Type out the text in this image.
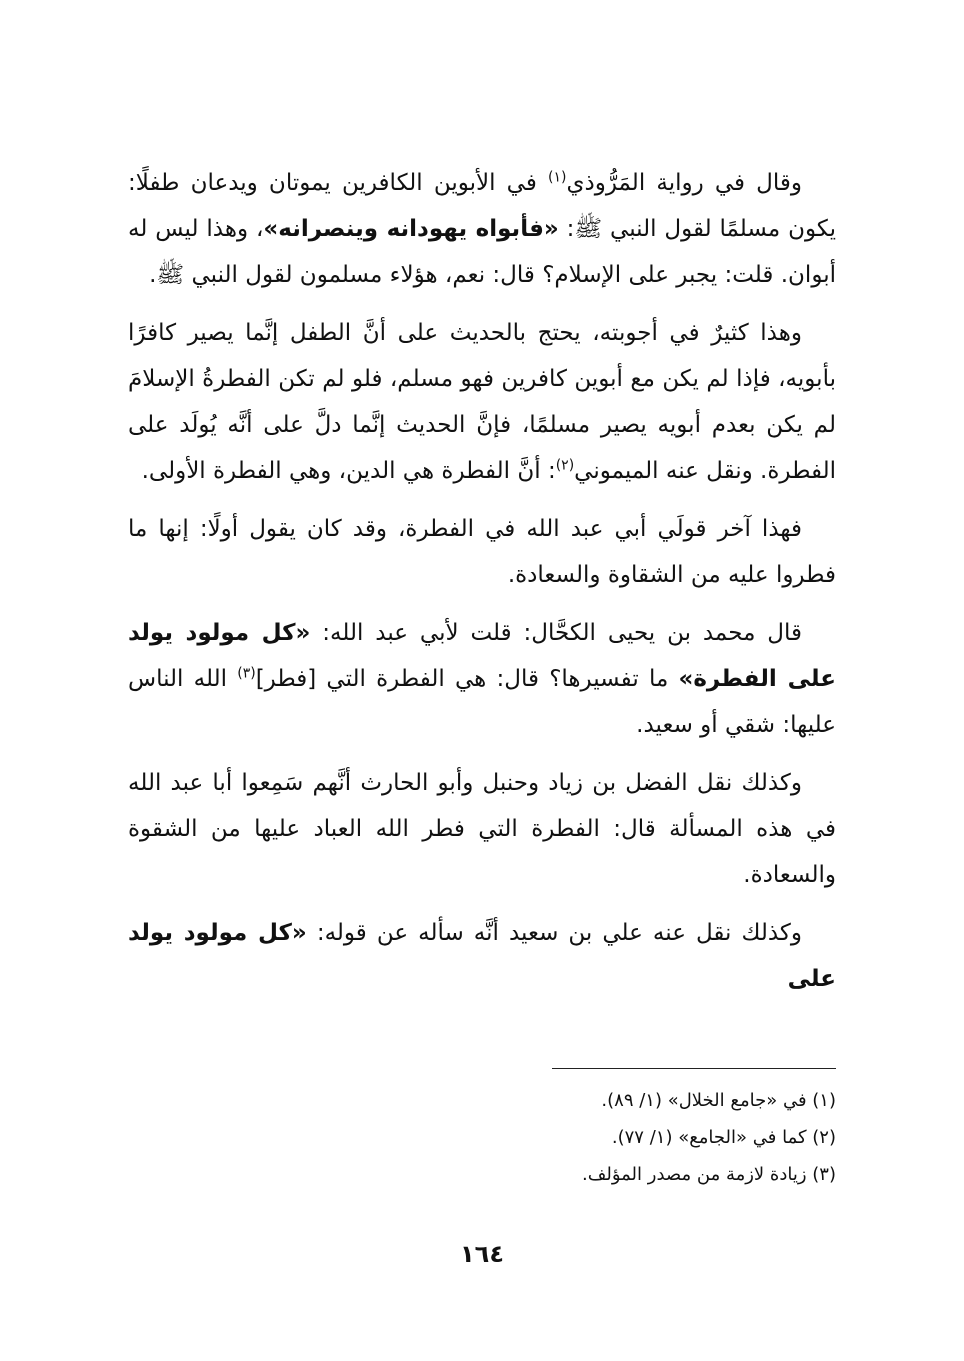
وقال في رواية المَرُّوذي$^{(١)}$ في الأبوين الكافرين يموتان ويدعان طفلًا: يكون مسلمًا لقول النبي ﷺ: «فأبواه يهودانه وينصرانه»، وهذا ليس له أبوان. قلت: يجبر على الإسلام؟ قال: نعم، هؤلاء مسلمون لقول النبي ﷺ.

وهذا كثيرٌ في أجوبته، يحتج بالحديث على أنَّ الطفل إنَّما يصير كافرًا بأبويه، فإذا لم يكن مع أبوين كافرين فهو مسلم، فلو لم تكن الفطرةُ الإسلامَ لم يكن بعدم أبويه يصير مسلمًا، فإنَّ الحديث إنَّما دلَّ على أنَّه يُولَد على الفطرة. ونقل عنه الميموني$^{(٢)}$: أنَّ الفطرة هي الدين، وهي الفطرة الأولى.

فهذا آخر قولَي أبي عبد الله في الفطرة، وقد كان يقول أولًا: إنها ما فطروا عليه من الشقاوة والسعادة.

قال محمد بن يحيى الكحَّال: قلت لأبي عبد الله: «كل مولود يولد على الفطرة» ما تفسيرها؟ قال: هي الفطرة التي [فطر]$^{(٣)}$ الله الناس عليها: شقي أو سعيد.

وكذلك نقل الفضل بن زياد وحنبل وأبو الحارث أنَّهم سَمِعوا أبا عبد الله في هذه المسألة قال: الفطرة التي فطر الله العباد عليها من الشقوة والسعادة.

وكذلك نقل عنه علي بن سعيد أنَّه سأله عن قوله: «كل مولود يولد على

(١) في «جامع الخلال» (١/ ٨٩).

(٢) كما في «الجامع» (١/ ٧٧).

(٣) زيادة لازمة من مصدر المؤلف.

١٦٤
